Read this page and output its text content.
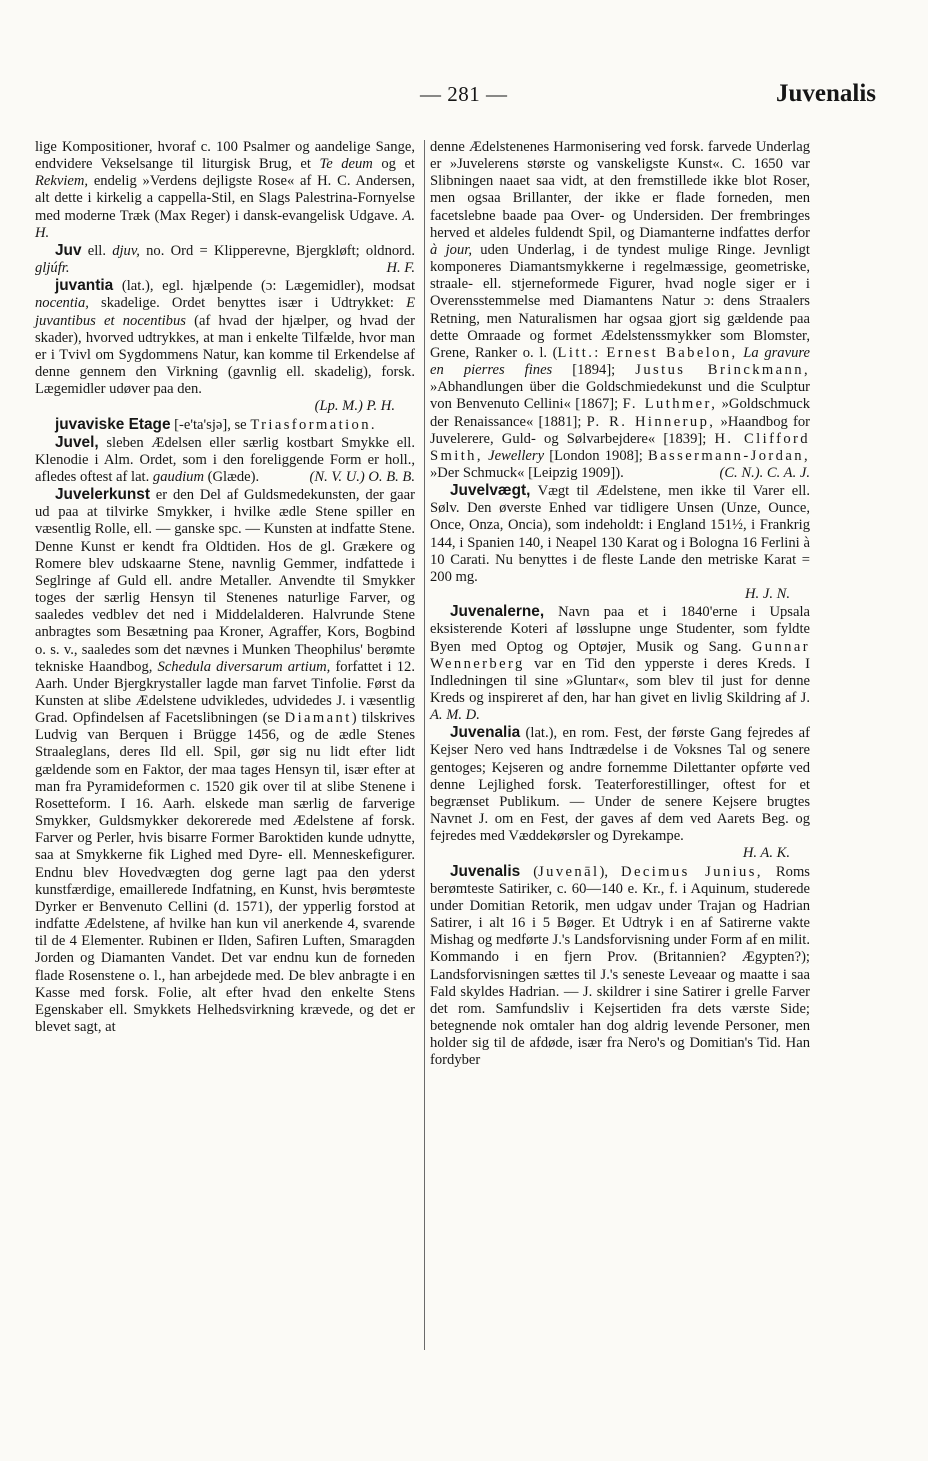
— 281 —	Juvenalis

lige Kompositioner, hvoraf c. 100 Psalmer og aandelige Sange, endvidere Vekselsange til liturgisk Brug, et Te deum og et Rekviem, endelig »Verdens dejligste Rose« af H. C. Andersen, alt dette i kirkelig a cappella-Stil, en Slags Palestrina-Fornyelse med moderne Træk (Max Reger) i dansk-evangelisk Udgave. A. H.

Juv ell. djuv, no. Ord = Klipperevne, Bjergkløft; oldnord. gljúfr.	H. F.

juvantia (lat.), egl. hjælpende (ɔ: Lægemidler), modsat nocentia, skadelige. Ordet benyttes især i Udtrykket: E juvantibus et nocentibus (af hvad der hjælper, og hvad der skader), hvorved udtrykkes, at man i enkelte Tilfælde, hvor man er i Tvivl om Sygdommens Natur, kan komme til Erkendelse af denne gennem den Virkning (gavnlig ell. skadelig), forsk. Lægemidler udøver paa den.
(Lp. M.) P. H.

juvaviske Etage [-e'ta'sjə], se Triasformation.

Juvel, sleben Ædelsen eller særlig kostbart Smykke ell. Klenodie i Alm. Ordet, som i den foreliggende Form er holl., afledes oftest af lat. gaudium (Glæde).	(N. V. U.) O. B. B.

Juvelerkunst er den Del af Guldsmedekunsten, der gaar ud paa at tilvirke Smykker, i hvilke ædle Stene spiller en væsentlig Rolle, ell. — ganske spc. — Kunsten at indfatte Stene. Denne Kunst er kendt fra Oldtiden. Hos de gl. Grækere og Romere blev udskaarne Stene, navnlig Gemmer, indfattede i Seglringe af Guld ell. andre Metaller. Anvendte til Smykker toges der særlig Hensyn til Stenenes naturlige Farver, og saaledes vedblev det ned i Middelalderen. Halvrunde Stene anbragtes som Besætning paa Kroner, Agraffer, Kors, Bogbind o. s. v., saaledes som det nævnes i Munken Theophilus' berømte tekniske Haandbog, Schedula diversarum artium, forfattet i 12. Aarh. Under Bjergkrystaller lagde man farvet Tinfolie. Først da Kunsten at slibe Ædelstene udvikledes, udvidedes J. i væsentlig Grad. Opfindelsen af Facetslibningen (se Diamant) tilskrives Ludvig van Berquen i Brügge 1456, og de ædle Stenes Straaleglans, deres Ild ell. Spil, gør sig nu lidt efter lidt gældende som en Faktor, der maa tages Hensyn til, især efter at man fra Pyramideformen c. 1520 gik over til at slibe Stenene i Rosetteform. I 16. Aarh. elskede man særlig de farverige Smykker, Guldsmykker dekorerede med Ædelstene af forsk. Farver og Perler, hvis bisarre Former Baroktiden kunde udnytte, saa at Smykkerne fik Lighed med Dyre- ell. Menneskefigurer. Endnu blev Hovedvægten dog gerne lagt paa den yderst kunstfærdige, emaillerede Indfatning, en Kunst, hvis berømteste Dyrker er Benvenuto Cellini (d. 1571), der ypperlig forstod at indfatte Ædelstene, af hvilke han kun vil anerkende 4, svarende til de 4 Elementer. Rubinen er Ilden, Safiren Luften, Smaragden Jorden og Diamanten Vandet. Det var endnu kun de forneden flade Rosenstene o. l., han arbejdede med. De blev anbragte i en Kasse med forsk. Folie, alt efter hvad den enkelte Stens Egenskaber ell. Smykkets Helhedsvirkning krævede, og det er blevet sagt, at

denne Ædelstenenes Harmonisering ved forsk. farvede Underlag er »Juvelerens største og vanskeligste Kunst«. C. 1650 var Slibningen naaet saa vidt, at den fremstillede ikke blot Roser, men ogsaa Brillanter, der ikke er flade forneden, men facetslebne baade paa Over- og Undersiden. Der frembringes herved et aldeles fuldendt Spil, og Diamanterne indfattes derfor à jour, uden Underlag, i de tyndest mulige Ringe. Jevnligt komponeres Diamantsmykkerne i regelmæssige, geometriske, straale- ell. stjerneformede Figurer, hvad nogle siger er i Overensstemmelse med Diamantens Natur ɔ: dens Straalers Retning, men Naturalismen har ogsaa gjort sig gældende paa dette Omraade og formet Ædelstenssmykker som Blomster, Grene, Ranker o. l. (Litt.: Ernest Babelon, La gravure en pierres fines [1894]; Justus Brinckmann, »Abhandlungen über die Goldschmiedekunst und die Sculptur von Benvenuto Cellini« [1867]; F. Luthmer, »Goldschmuck der Renaissance« [1881]; P. R. Hinnerup, »Haandbog for Juvelerere, Guld- og Sølvarbejdere« [1839]; H. Clifford Smith, Jewellery [London 1908]; Bassermann-Jordan, »Der Schmuck« [Leipzig 1909]).	(C. N.). C. A. J.

Juvelvægt, Vægt til Ædelstene, men ikke til Varer ell. Sølv. Den øverste Enhed var tidligere Unsen (Unze, Ounce, Once, Onza, Oncia), som indeholdt: i England 151½, i Frankrig 144, i Spanien 140, i Neapel 130 Karat og i Bologna 16 Ferlini à 10 Carati. Nu benyttes i de fleste Lande den metriske Karat = 200 mg.
H. J. N.

Juvenalerne, Navn paa et i 1840'erne i Upsala eksisterende Koteri af løsslupne unge Studenter, som fyldte Byen med Optog og Optøjer, Musik og Sang. Gunnar Wennerberg var en Tid den ypperste i deres Kreds. I Indledningen til sine »Gluntar«, som blev til just for denne Kreds og inspireret af den, har han givet en livlig Skildring af J. A. M. D.

Juvenalia (lat.), en rom. Fest, der første Gang fejredes af Kejser Nero ved hans Indtrædelse i de Voksnes Tal og senere gentoges; Kejseren og andre fornemme Dilettanter opførte ved denne Lejlighed forsk. Teaterforestillinger, oftest for et begrænset Publikum. — Under de senere Kejsere brugtes Navnet J. om en Fest, der gaves af dem ved Aarets Beg. og fejredes med Væddekørsler og Dyrekampe.
H. A. K.

Juvenalis (Juvenāl), Decimus Junius, Roms berømteste Satiriker, c. 60—140 e. Kr., f. i Aquinum, studerede under Domitian Retorik, men udgav under Trajan og Hadrian Satirer, i alt 16 i 5 Bøger. Et Udtryk i en af Satirerne vakte Mishag og medførte J.'s Landsforvisning under Form af en milit. Kommando i en fjern Prov. (Britannien? Ægypten?); Landsforvisningen sættes til J.'s seneste Leveaar og maatte i saa Fald skyldes Hadrian. — J. skildrer i sine Satirer i grelle Farver det rom. Samfundsliv i Kejsertiden fra dets værste Side; betegnende nok omtaler han dog aldrig levende Personer, men holder sig til de afdøde, især fra Nero's og Domitian's Tid. Han fordyber
